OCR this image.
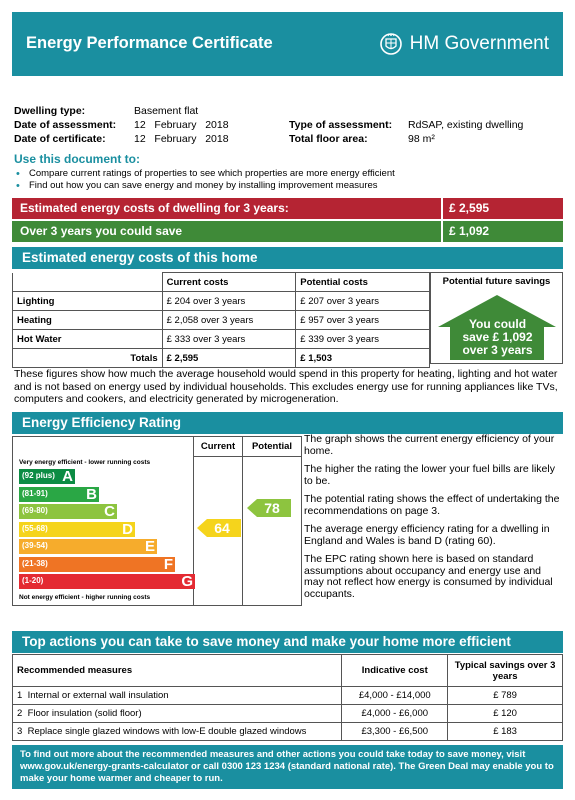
Energy Performance Certificate	HM Government
Dwelling type:	Basement flat
Date of assessment: 12   February   2018	Type of assessment: RdSAP, existing dwelling
Date of certificate:	12   February   2018	Total floor area:	98 m²
Use this document to:
• Compare current ratings of properties to see which properties are more energy efficient
• Find out how you can save energy and money by installing improvement measures
Estimated energy costs of dwelling for 3 years:	£ 2,595
Over 3 years you could save	£ 1,092
Estimated energy costs of this home
	Current costs	Potential costs
Lighting	£ 204 over 3 years	£ 207 over 3 years
Heating	£ 2,058 over 3 years	£ 957 over 3 years
Hot Water	£ 333 over 3 years	£ 339 over 3 years
Totals	£ 2,595	£ 1,503
Potential future savings
You could
save £ 1,092
over 3 years
These figures show how much the average household would spend in this property for heating, lighting and hot water and is not based on energy used by individual households. This excludes energy use for running appliances like TVs, computers and cookers, and electricity generated by microgeneration.
Energy Efficiency Rating
Current	Potential
Very energy efficient - lower running costs
(92 plus) A
(81-91)	B
(69-80)	C
(55-68)	D
(39-54)	E
(21-38)	F
(1-20)	G
Not energy efficient - higher running costs
64
78

The graph shows the current energy efficiency of your home.

The higher the rating the lower your fuel bills are likely to be.

The potential rating shows the effect of undertaking the recommendations on page 3.

The average energy efficiency rating for a dwelling in England and Wales is band D (rating 60).

The EPC rating shown here is based on standard assumptions about occupancy and energy use and may not reflect how energy is consumed by individual occupants.

Top actions you can take to save money and make your home more efficient
Recommended measures	Indicative cost	Typical savings over 3 years
1 Internal or external wall insulation	£4,000 - £14,000	£ 789
2 Floor insulation (solid floor)	£4,000 - £6,000	£ 120
3 Replace single glazed windows with low-E double glazed windows	£3,300 - £6,500	£ 183
To find out more about the recommended measures and other actions you could take today to save money, visit www.gov.uk/energy-grants-calculator or call 0300 123 1234 (standard national rate). The Green Deal may enable you to make your home warmer and cheaper to run.
